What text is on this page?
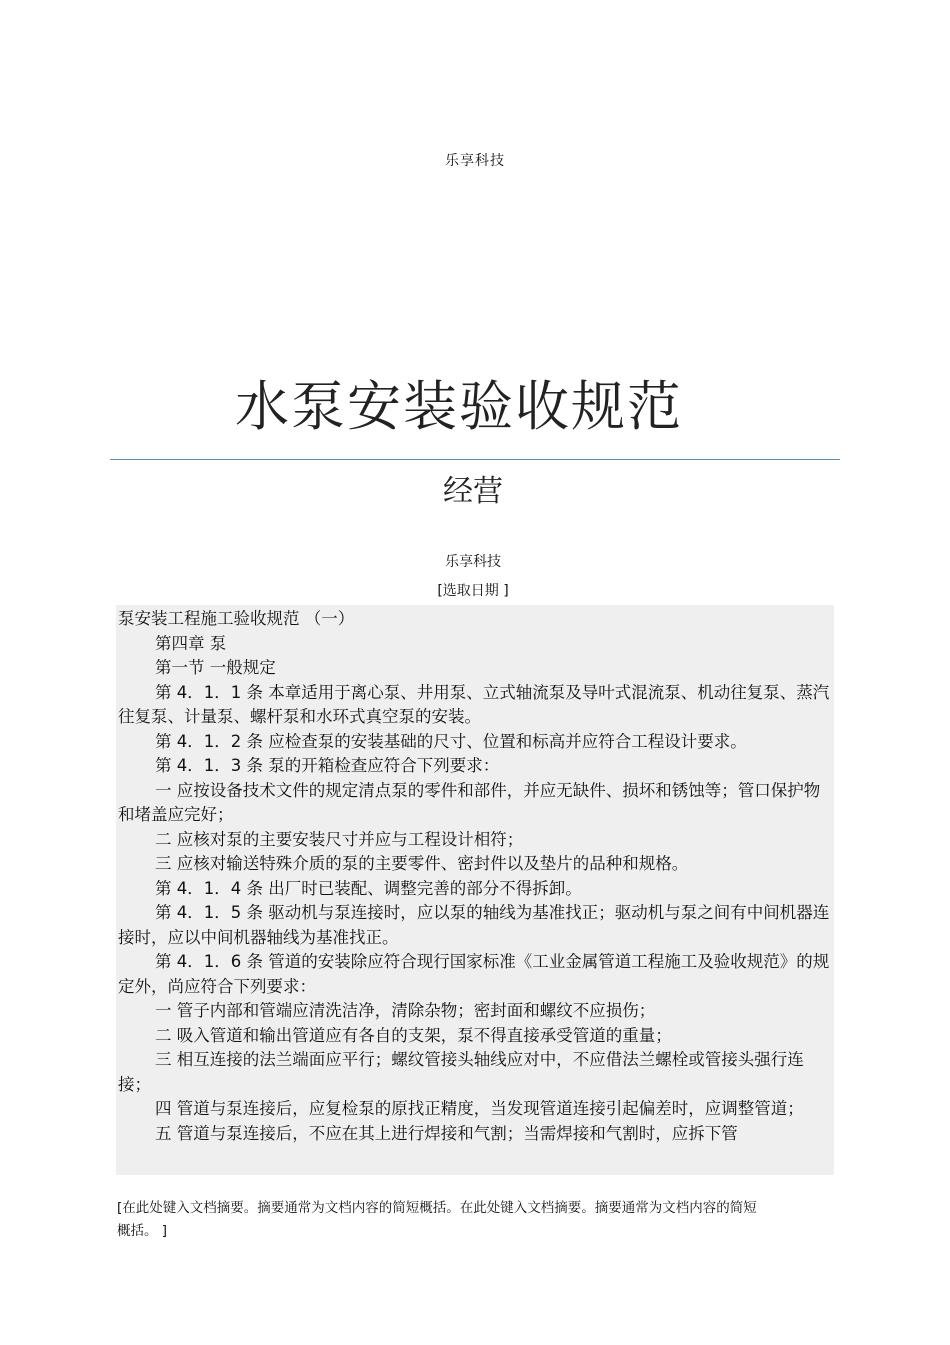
乐享科技
水泵安装验收规范
经营
乐享科技
[选取日期 ]

泵安装工程施工验收规范 （一）

第四章 泵

第一节 一般规定

第 4．1．1 条 本章适用于离心泵、井用泵、立式轴流泵及导叶式混流泵、机动往复泵、蒸汽往复泵、计量泵、螺杆泵和水环式真空泵的安装。

第 4．1．2 条 应检查泵的安装基础的尺寸、位置和标高并应符合工程设计要求。

第 4．1．3 条 泵的开箱检查应符合下列要求：

一 应按设备技术文件的规定清点泵的零件和部件，并应无缺件、损坏和锈蚀等；管口保护物和堵盖应完好；

二 应核对泵的主要安装尺寸并应与工程设计相符；

三 应核对输送特殊介质的泵的主要零件、密封件以及垫片的品种和规格。

第 4．1．4 条 出厂时已装配、调整完善的部分不得拆卸。

第 4．1．5 条 驱动机与泵连接时，应以泵的轴线为基准找正；驱动机与泵之间有中间机器连接时，应以中间机器轴线为基准找正。

第 4．1．6 条 管道的安装除应符合现行国家标准《工业金属管道工程施工及验收规范》的规定外，尚应符合下列要求：

一 管子内部和管端应清洗洁净，清除杂物；密封面和螺纹不应损伤；

二 吸入管道和输出管道应有各自的支架，泵不得直接承受管道的重量；

三 相互连接的法兰端面应平行；螺纹管接头轴线应对中，不应借法兰螺栓或管接头强行连接；

四 管道与泵连接后，应复检泵的原找正精度，当发现管道连接引起偏差时，应调整管道；

五 管道与泵连接后，不应在其上进行焊接和气割；当需焊接和气割时，应拆下管

[在此处键入文档摘要。摘要通常为文档内容的简短概括。在此处键入文档摘要。摘要通常为文档内容的简短概括。 ]
